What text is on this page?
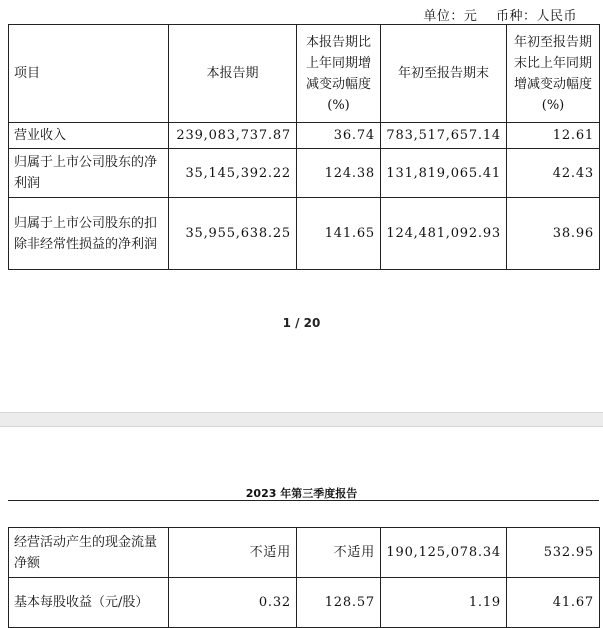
单位：元 币种：人民币
项目	本报告期	本报告期比上年同期增减变动幅度(%)	年初至报告期末	年初至报告期末比上年同期增减变动幅度(%)
营业收入	239,083,737.87	36.74	783,517,657.14	12.61
归属于上市公司股东的净利润	35,145,392.22	124.38	131,819,065.41	42.43
归属于上市公司股东的扣除非经常性损益的净利润	35,955,638.25	141.65	124,481,092.93	38.96
1 / 20
2023 年第三季度报告
经营活动产生的现金流量净额	不适用	不适用	190,125,078.34	532.95
基本每股收益（元/股）	0.32	128.57	1.19	41.67
